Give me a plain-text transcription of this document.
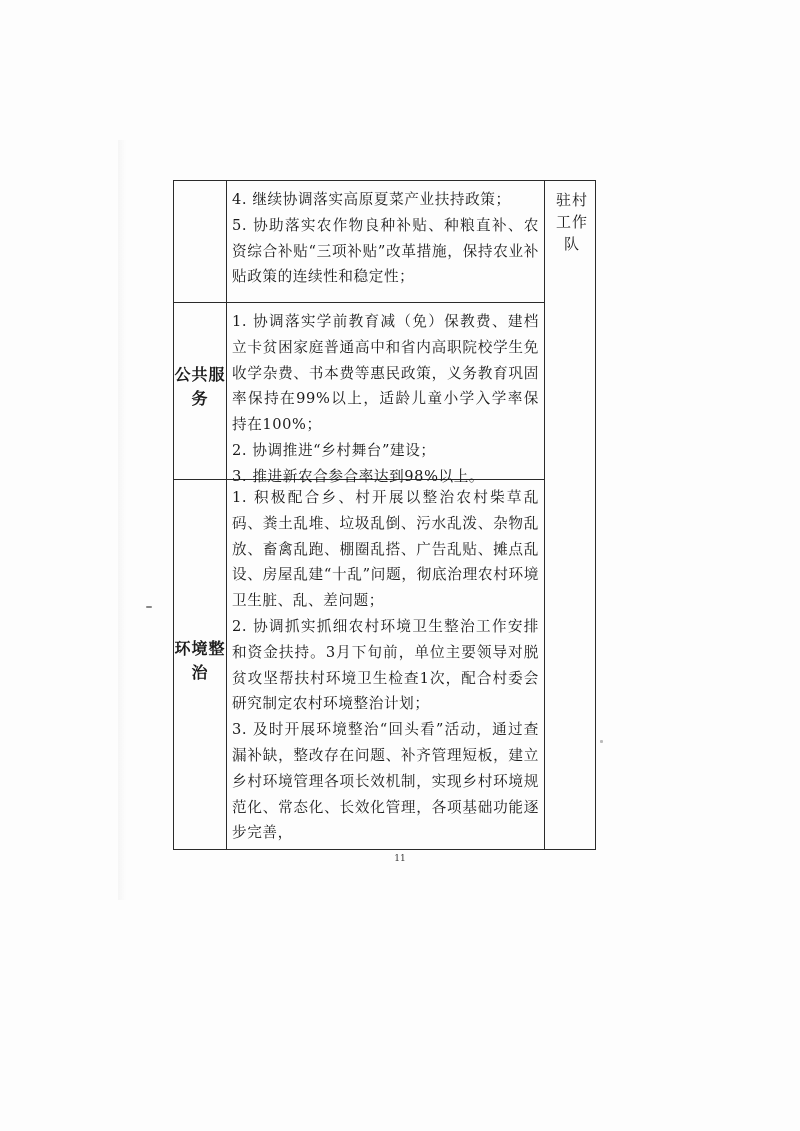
4. 继续协调落实高原夏菜产业扶持政策；

5. 协助落实农作物良种补贴、种粮直补、农资综合补贴“三项补贴”改革措施，保持农业补贴政策的连续性和稳定性；

公共服务

1. 协调落实学前教育减（免）保教费、建档立卡贫困家庭普通高中和省内高职院校学生免收学杂费、书本费等惠民政策，义务教育巩固率保持在99%以上，适龄儿童小学入学率保持在100%；

2. 协调推进“乡村舞台”建设；

3. 推进新农合参合率达到98%以上。

环境整治

1. 积极配合乡、村开展以整治农村柴草乱码、粪土乱堆、垃圾乱倒、污水乱泼、杂物乱放、畜禽乱跑、棚圈乱搭、广告乱贴、摊点乱设、房屋乱建“十乱”问题，彻底治理农村环境卫生脏、乱、差问题；

2. 协调抓实抓细农村环境卫生整治工作安排和资金扶持。3月下旬前，单位主要领导对脱贫攻坚帮扶村环境卫生检查1次，配合村委会研究制定农村环境整治计划；

3. 及时开展环境整治“回头看”活动，通过查漏补缺，整改存在问题、补齐管理短板，建立乡村环境管理各项长效机制，实现乡村环境规范化、常态化、长效化管理，各项基础功能逐步完善，

驻村工作队
11
